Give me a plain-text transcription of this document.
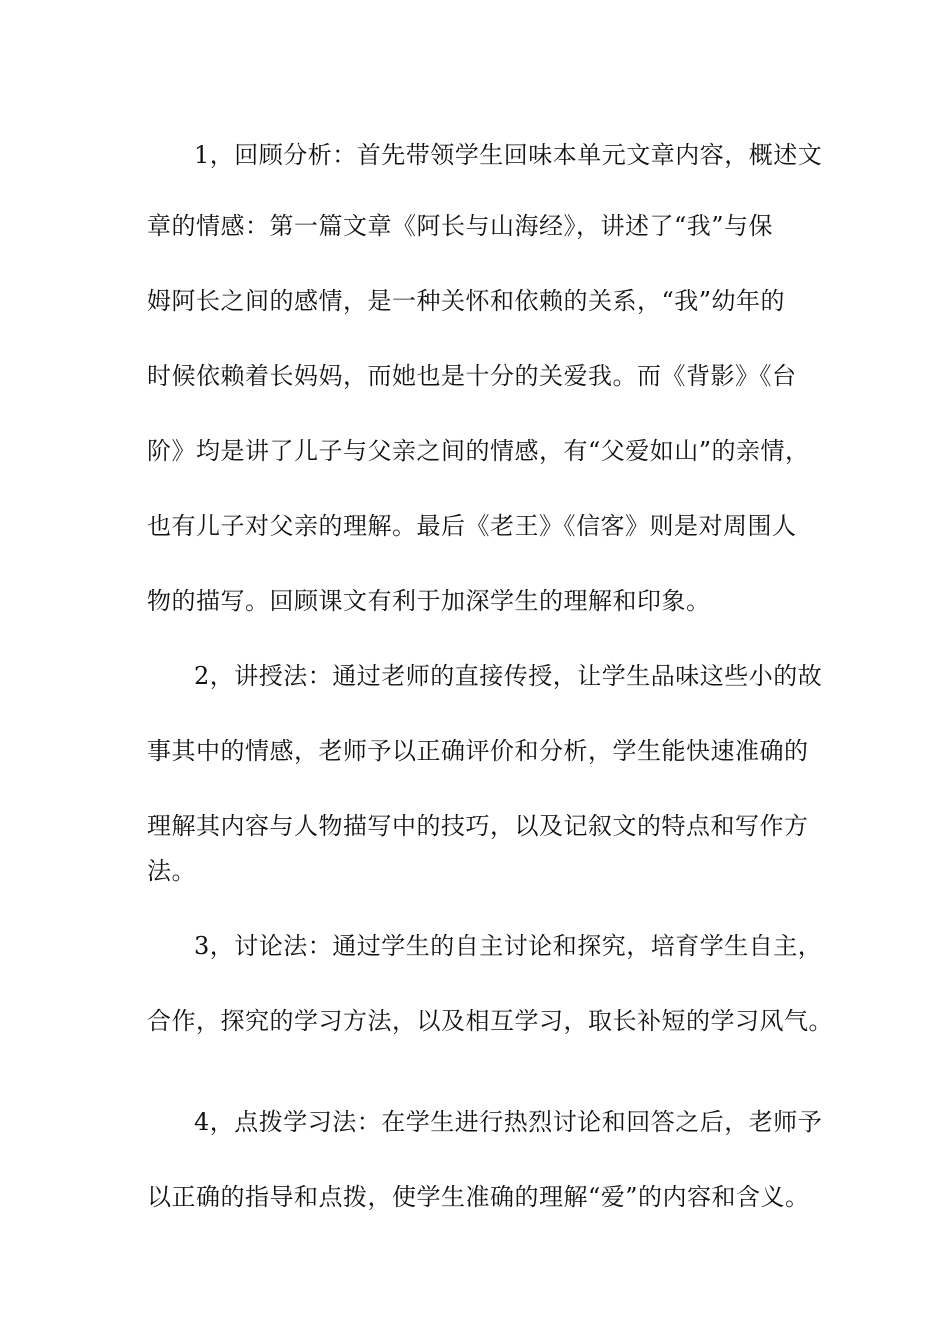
1，回顾分析：首先带领学生回味本单元文章内容，概述文
章的情感：第一篇文章《阿长与山海经》，讲述了“我”与保
姆阿长之间的感情，是一种关怀和依赖的关系，“我”幼年的
时候依赖着长妈妈，而她也是十分的关爱我。而《背影》《台
阶》均是讲了儿子与父亲之间的情感，有“父爱如山”的亲情，
也有儿子对父亲的理解。最后《老王》《信客》则是对周围人
物的描写。回顾课文有利于加深学生的理解和印象。
2，讲授法：通过老师的直接传授，让学生品味这些小的故
事其中的情感，老师予以正确评价和分析，学生能快速准确的
理解其内容与人物描写中的技巧，以及记叙文的特点和写作方
法。
3，讨论法：通过学生的自主讨论和探究，培育学生自主，
合作，探究的学习方法，以及相互学习，取长补短的学习风气。
4，点拨学习法：在学生进行热烈讨论和回答之后，老师予
以正确的指导和点拨，使学生准确的理解“爱”的内容和含义。
